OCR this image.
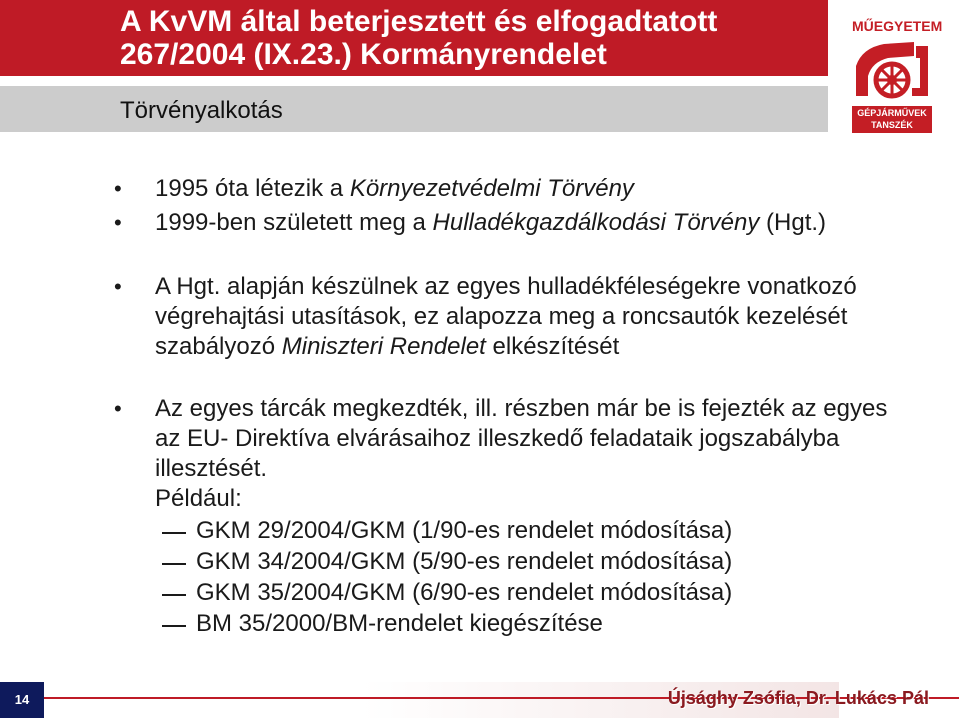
A KvVM által beterjesztett és elfogadtatott 267/2004 (IX.23.) Kormányrendelet
Törvényalkotás
MŰEGYETEM
GÉPJÁRMŰVEK
TANSZÉK
• 1995 óta létezik a Környezetvédelmi Törvény
• 1999-ben született meg a Hulladékgazdálkodási Törvény (Hgt.)
• A Hgt. alapján készülnek az egyes hulladékféleségekre vonatkozó végrehajtási utasítások, ez alapozza meg a roncsautók kezelését szabályozó Miniszteri Rendelet elkészítését
• Az egyes tárcák megkezdték, ill. részben már be is fejezték az egyes az EU- Direktíva elvárásaihoz illeszkedő feladataik jogszabályba illesztését.
Például:
GKM 29/2004/GKM (1/90-es rendelet módosítása)
GKM 34/2004/GKM (5/90-es rendelet módosítása)
GKM 35/2004/GKM (6/90-es rendelet módosítása)
BM 35/2000/BM-rendelet kiegészítése
14	Újsághy Zsófia, Dr. Lukács Pál
